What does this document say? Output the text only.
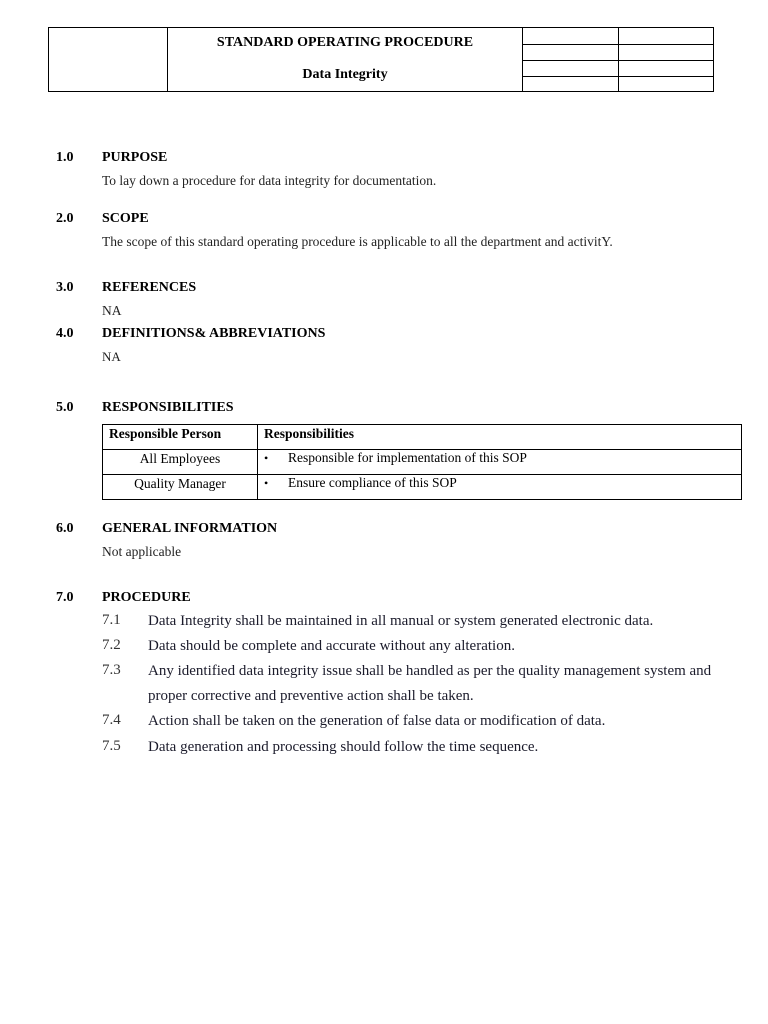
STANDARD OPERATING PROCEDURE
Data Integrity
1.0 PURPOSE
To lay down a procedure for data integrity for documentation.
2.0 SCOPE
The scope of this standard operating procedure is applicable to all the department and activitY.
3.0 REFERENCES
NA
4.0 DEFINITIONS& ABBREVIATIONS
NA
5.0 RESPONSIBILITIES
Responsible Person	Responsibilities
All Employees	• Responsible for implementation of this SOP
Quality Manager	• Ensure compliance of this SOP
6.0 GENERAL INFORMATION
Not applicable
7.0 PROCEDURE
7.1 Data Integrity shall be maintained in all manual or system generated electronic data.
7.2 Data should be complete and accurate without any alteration.
7.3 Any identified data integrity issue shall be handled as per the quality management system and proper corrective and preventive action shall be taken.
7.4 Action shall be taken on the generation of false data or modification of data.
7.5 Data generation and processing should follow the time sequence.
